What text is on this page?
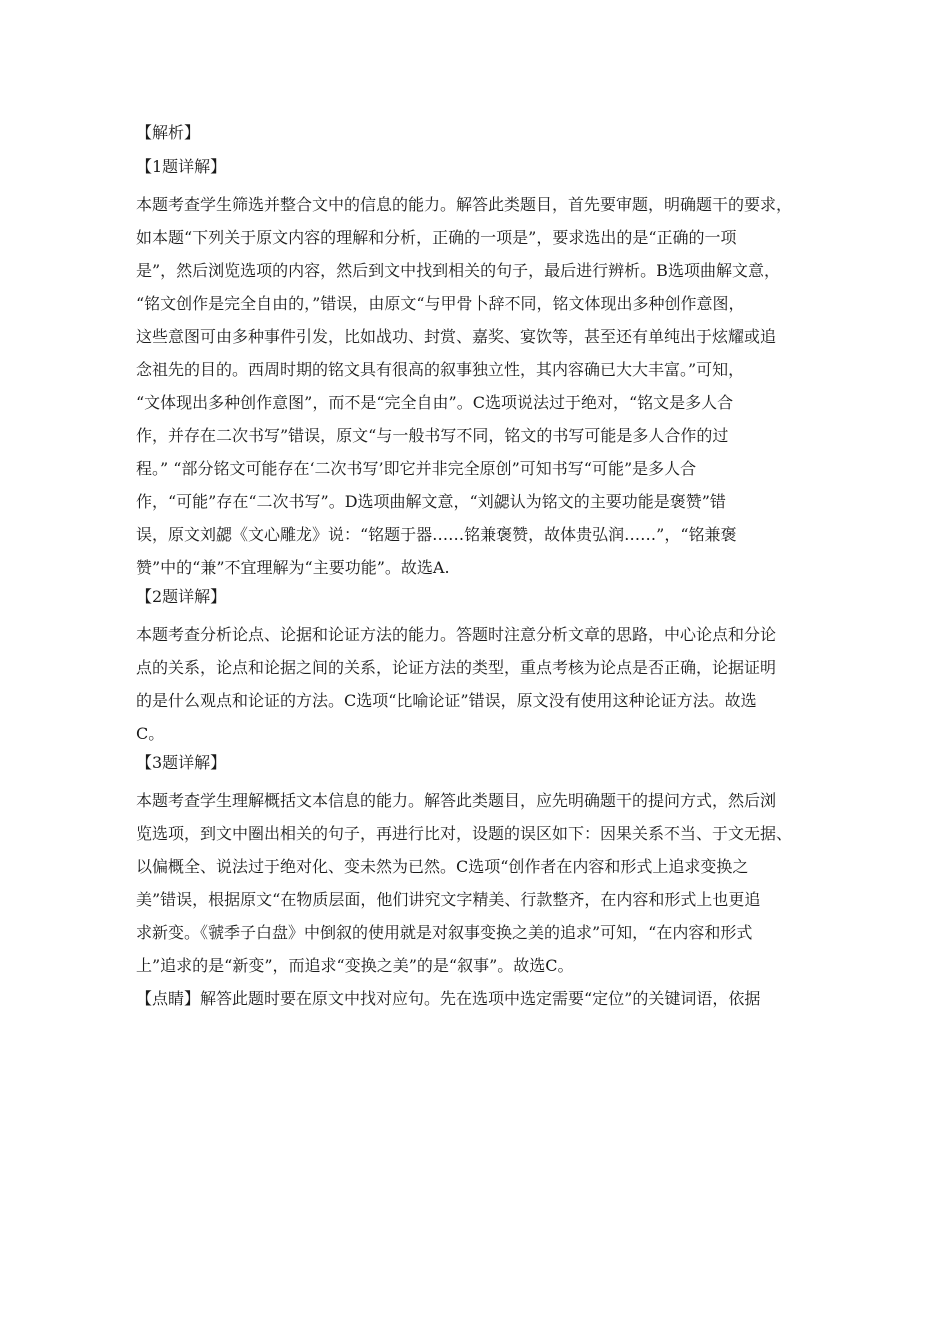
【解析】
【1题详解】
本题考查学生筛选并整合文中的信息的能力。解答此类题目，首先要审题，明确题干的要求，
如本题“下列关于原文内容的理解和分析，正确的一项是”，要求选出的是“正确的一项
是”，然后浏览选项的内容，然后到文中找到相关的句子，最后进行辨析。B选项曲解文意，
“铭文创作是完全自由的，”错误，由原文“与甲骨卜辞不同，铭文体现出多种创作意图，
这些意图可由多种事件引发，比如战功、封赏、嘉奖、宴饮等，甚至还有单纯出于炫耀或追
念祖先的目的。西周时期的铭文具有很高的叙事独立性，其内容确已大大丰富。”可知，
“文体现出多种创作意图”，而不是“完全自由”。C选项说法过于绝对，“铭文是多人合
作，并存在二次书写”错误，原文“与一般书写不同，铭文的书写可能是多人合作的过
程。” “部分铭文可能存在‘二次书写’即它并非完全原创”可知书写“可能”是多人合
作，“可能”存在“二次书写”。D选项曲解文意，“刘勰认为铭文的主要功能是褒赞”错
误，原文刘勰《文心雕龙》说：“铭题于器……铭兼褒赞，故体贵弘润……”，“铭兼褒
赞”中的“兼”不宜理解为“主要功能”。故选A.
【2题详解】
本题考查分析论点、论据和论证方法的能力。答题时注意分析文章的思路，中心论点和分论
点的关系，论点和论据之间的关系，论证方法的类型，重点考核为论点是否正确，论据证明
的是什么观点和论证的方法。C选项“比喻论证”错误，原文没有使用这种论证方法。故选
C。
【3题详解】
本题考查学生理解概括文本信息的能力。解答此类题目，应先明确题干的提问方式，然后浏
览选项，到文中圈出相关的句子，再进行比对，设题的误区如下：因果关系不当、于文无据、
以偏概全、说法过于绝对化、变未然为已然。C选项“创作者在内容和形式上追求变换之
美”错误，根据原文“在物质层面，他们讲究文字精美、行款整齐，在内容和形式上也更追
求新变。《虢季子白盘》中倒叙的使用就是对叙事变换之美的追求”可知，“在内容和形式
上”追求的是“新变”，而追求“变换之美”的是“叙事”。故选C。
【点睛】解答此题时要在原文中找对应句。先在选项中选定需要“定位”的关键词语，依据
